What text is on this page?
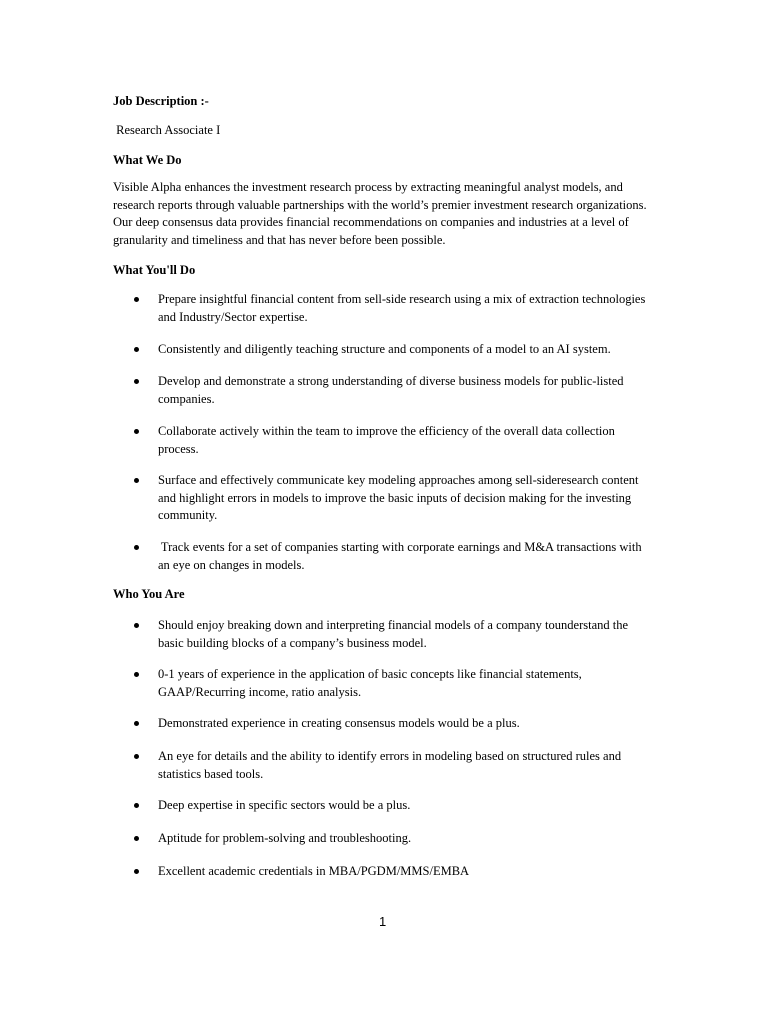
Job Description :-
Research Associate I
What We Do
Visible Alpha enhances the investment research process by extracting meaningful analyst models, and
research reports through valuable partnerships with the world’s premier investment research organizations.
Our deep consensus data provides financial recommendations on companies and industries at a level of
granularity and timeliness and that has never before been possible.
What You'll Do
Prepare insightful financial content from sell-side research using a mix of extraction technologies
and Industry/Sector expertise.
Consistently and diligently teaching structure and components of a model to an AI system.
Develop and demonstrate a strong understanding of diverse business models for public-listed
companies.
Collaborate actively within the team to improve the efficiency of the overall data collection
process.
Surface and effectively communicate key modeling approaches among sell-sideresearch content
and highlight errors in models to improve the basic inputs of decision making for the investing
community.
Track events for a set of companies starting with corporate earnings and M&A transactions with
an eye on changes in models.
Who You Are
Should enjoy breaking down and interpreting financial models of a company tounderstand the
basic building blocks of a company’s business model.
0-1 years of experience in the application of basic concepts like financial statements,
GAAP/Recurring income, ratio analysis.
Demonstrated experience in creating consensus models would be a plus.
An eye for details and the ability to identify errors in modeling based on structured rules and
statistics based tools.
Deep expertise in specific sectors would be a plus.
Aptitude for problem-solving and troubleshooting.
Excellent academic credentials in MBA/PGDM/MMS/EMBA
1
